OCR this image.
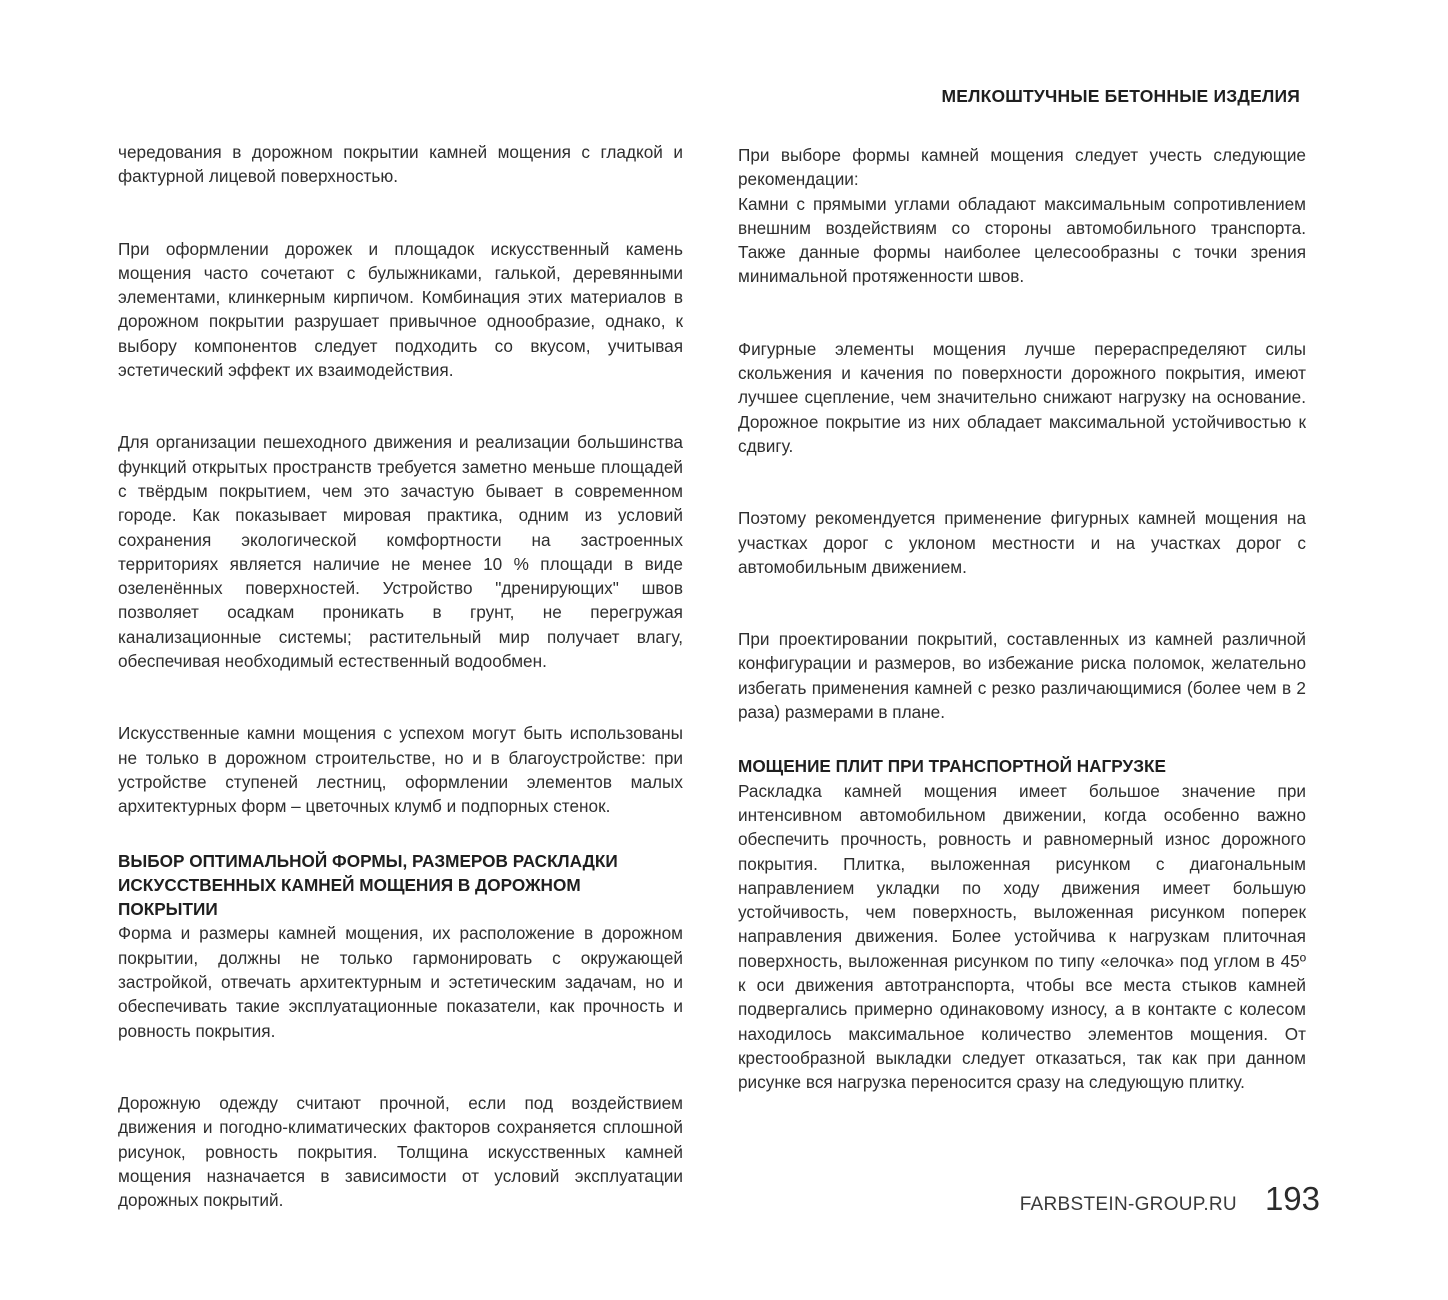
МЕЛКОШТУЧНЫЕ БЕТОННЫЕ ИЗДЕЛИЯ

чередования в дорожном покрытии камней мощения с гладкой и фактурной лицевой поверхностью.

При оформлении дорожек и площадок искусственный камень мощения часто сочетают с булыжниками, галькой, деревянными элементами, клинкерным кирпичом. Комбинация этих материалов в дорожном покрытии разрушает привычное однообразие, однако, к выбору компонентов следует подходить со вкусом, учитывая эстетический эффект их взаимодействия.

Для организации пешеходного движения и реализации большинства функций открытых пространств требуется заметно меньше площадей с твёрдым покрытием, чем это зачастую бывает в современном городе. Как показывает мировая практика, одним из условий сохранения экологической комфортности на застроенных территориях является наличие не менее 10 % площади в виде озеленённых поверхностей. Устройство "дренирующих" швов позволяет осадкам проникать в грунт, не перегружая канализационные системы; растительный мир получает влагу, обеспечивая необходимый естественный водообмен.

Искусственные камни мощения с успехом могут быть использованы не только в дорожном строительстве, но и в благоустройстве: при устройстве ступеней лестниц, оформлении элементов малых архитектурных форм – цветочных клумб и подпорных стенок.

ВЫБОР ОПТИМАЛЬНОЙ ФОРМЫ, РАЗМЕРОВ РАСКЛАДКИ ИСКУССТВЕННЫХ КАМНЕЙ МОЩЕНИЯ В ДОРОЖНОМ ПОКРЫТИИ

Форма и размеры камней мощения, их расположение в дорожном покрытии, должны не только гармонировать с окружающей застройкой, отвечать архитектурным и эстетическим задачам, но и обеспечивать такие эксплуатационные показатели, как прочность и ровность покрытия.

Дорожную одежду считают прочной, если под воздействием движения и погодно-климатических факторов сохраняется сплошной рисунок, ровность покрытия. Толщина искусственных камней мощения назначается в зависимости от условий эксплуатации дорожных покрытий.

При выборе формы камней мощения следует учесть следующие рекомендации:

Камни с прямыми углами обладают максимальным сопротивлением внешним воздействиям со стороны автомобильного транспорта. Также данные формы наиболее целесообразны с точки зрения минимальной протяженности швов.

Фигурные элементы мощения лучше перераспределяют силы скольжения и качения по поверхности дорожного покрытия, имеют лучшее сцепление, чем значительно снижают нагрузку на основание. Дорожное покрытие из них обладает максимальной устойчивостью к сдвигу.

Поэтому рекомендуется применение фигурных камней мощения на участках дорог с уклоном местности и на участках дорог с автомобильным движением.

При проектировании покрытий, составленных из камней различной конфигурации и размеров, во избежание риска поломок, желательно избегать применения камней с резко различающимися (более чем в 2 раза) размерами в плане.

МОЩЕНИЕ ПЛИТ ПРИ ТРАНСПОРТНОЙ НАГРУЗКЕ

Раскладка камней мощения имеет большое значение при интенсивном автомобильном движении, когда особенно важно обеспечить прочность, ровность и равномерный износ дорожного покрытия. Плитка, выложенная рисунком с диагональным направлением укладки по ходу движения имеет большую устойчивость, чем поверхность, выложенная рисунком поперек направления движения. Более устойчива к нагрузкам плиточная поверхность, выложенная рисунком по типу «елочка» под углом в 45º к оси движения автотранспорта, чтобы все места стыков камней подвергались примерно одинаковому износу, а в контакте с колесом находилось максимальное количество элементов мощения. От крестообразной выкладки следует отказаться, так как при данном рисунке вся нагрузка переносится сразу на следующую плитку.

FARBSTEIN-GROUP.RU 193
